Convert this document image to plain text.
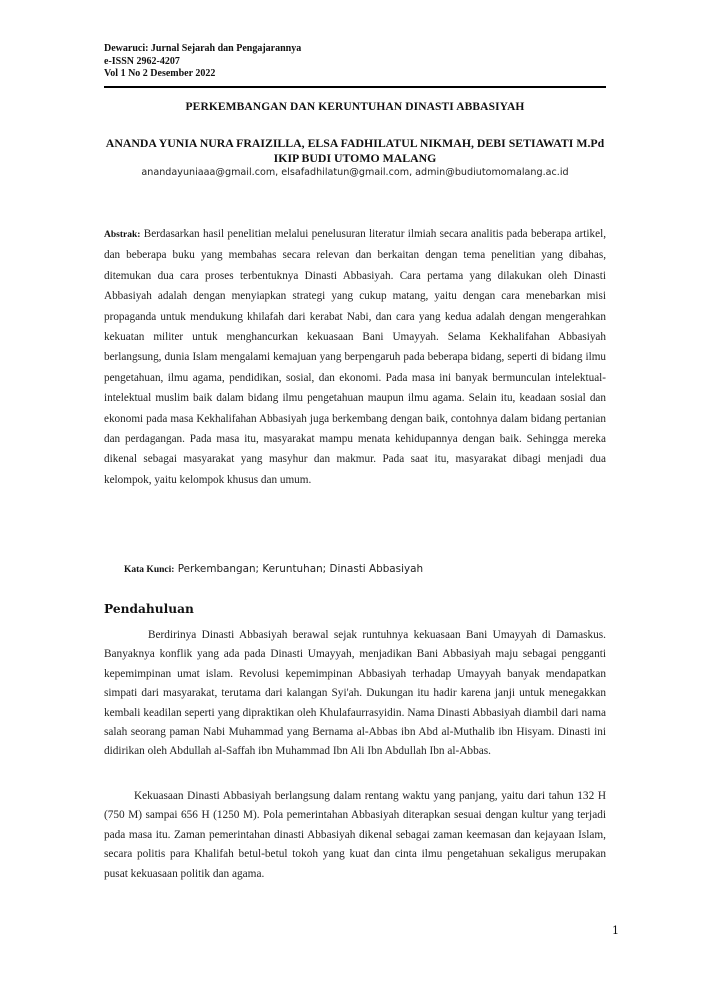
Dewaruci: Jurnal Sejarah dan Pengajarannya
e-ISSN 2962-4207
Vol 1 No 2 Desember 2022
PERKEMBANGAN DAN KERUNTUHAN DINASTI ABBASIYAH
ANANDA YUNIA NURA FRAIZILLA, ELSA FADHILATUL NIKMAH, DEBI SETIAWATI M.Pd
IKIP BUDI UTOMO MALANG
anandayuniaaa@gmail.com, elsafadhilatun@gmail.com, admin@budiutomomalang.ac.id
Abstrak: Berdasarkan hasil penelitian melalui penelusuran literatur ilmiah secara analitis pada beberapa artikel, dan beberapa buku yang membahas secara relevan dan berkaitan dengan tema penelitian yang dibahas, ditemukan dua cara proses terbentuknya Dinasti Abbasiyah. Cara pertama yang dilakukan oleh Dinasti Abbasiyah adalah dengan menyiapkan strategi yang cukup matang, yaitu dengan cara menebarkan misi propaganda untuk mendukung khilafah dari kerabat Nabi, dan cara yang kedua adalah dengan mengerahkan kekuatan militer untuk menghancurkan kekuasaan Bani Umayyah. Selama Kekhalifahan Abbasiyah berlangsung, dunia Islam mengalami kemajuan yang berpengaruh pada beberapa bidang, seperti di bidang ilmu pengetahuan, ilmu agama, pendidikan, sosial, dan ekonomi. Pada masa ini banyak bermunculan intelektual-intelektual muslim baik dalam bidang ilmu pengetahuan maupun ilmu agama. Selain itu, keadaan sosial dan ekonomi pada masa Kekhalifahan Abbasiyah juga berkembang dengan baik, contohnya dalam bidang pertanian dan perdagangan. Pada masa itu, masyarakat mampu menata kehidupannya dengan baik. Sehingga mereka dikenal sebagai masyarakat yang masyhur dan makmur. Pada saat itu, masyarakat dibagi menjadi dua kelompok, yaitu kelompok khusus dan umum.
Kata Kunci: Perkembangan; Keruntuhan; Dinasti Abbasiyah
Pendahuluan
Berdirinya Dinasti Abbasiyah berawal sejak runtuhnya kekuasaan Bani Umayyah di Damaskus. Banyaknya konflik yang ada pada Dinasti Umayyah, menjadikan Bani Abbasiyah maju sebagai pengganti kepemimpinan umat islam. Revolusi kepemimpinan Abbasiyah terhadap Umayyah banyak mendapatkan simpati dari masyarakat, terutama dari kalangan Syi'ah. Dukungan itu hadir karena janji untuk menegakkan kembali keadilan seperti yang dipraktikan oleh Khulafaurrasyidin. Nama Dinasti Abbasiyah diambil dari nama salah seorang paman Nabi Muhammad yang Bernama al-Abbas ibn Abd al-Muthalib ibn Hisyam. Dinasti ini didirikan oleh Abdullah al-Saffah ibn Muhammad Ibn Ali Ibn Abdullah Ibn al-Abbas.
Kekuasaan Dinasti Abbasiyah berlangsung dalam rentang waktu yang panjang, yaitu dari tahun 132 H (750 M) sampai 656 H (1250 M). Pola pemerintahan Abbasiyah diterapkan sesuai dengan kultur yang terjadi pada masa itu. Zaman pemerintahan dinasti Abbasiyah dikenal sebagai zaman keemasan dan kejayaan Islam, secara politis para Khalifah betul-betul tokoh yang kuat dan cinta ilmu pengetahuan sekaligus merupakan pusat kekuasaan politik dan agama.
1
